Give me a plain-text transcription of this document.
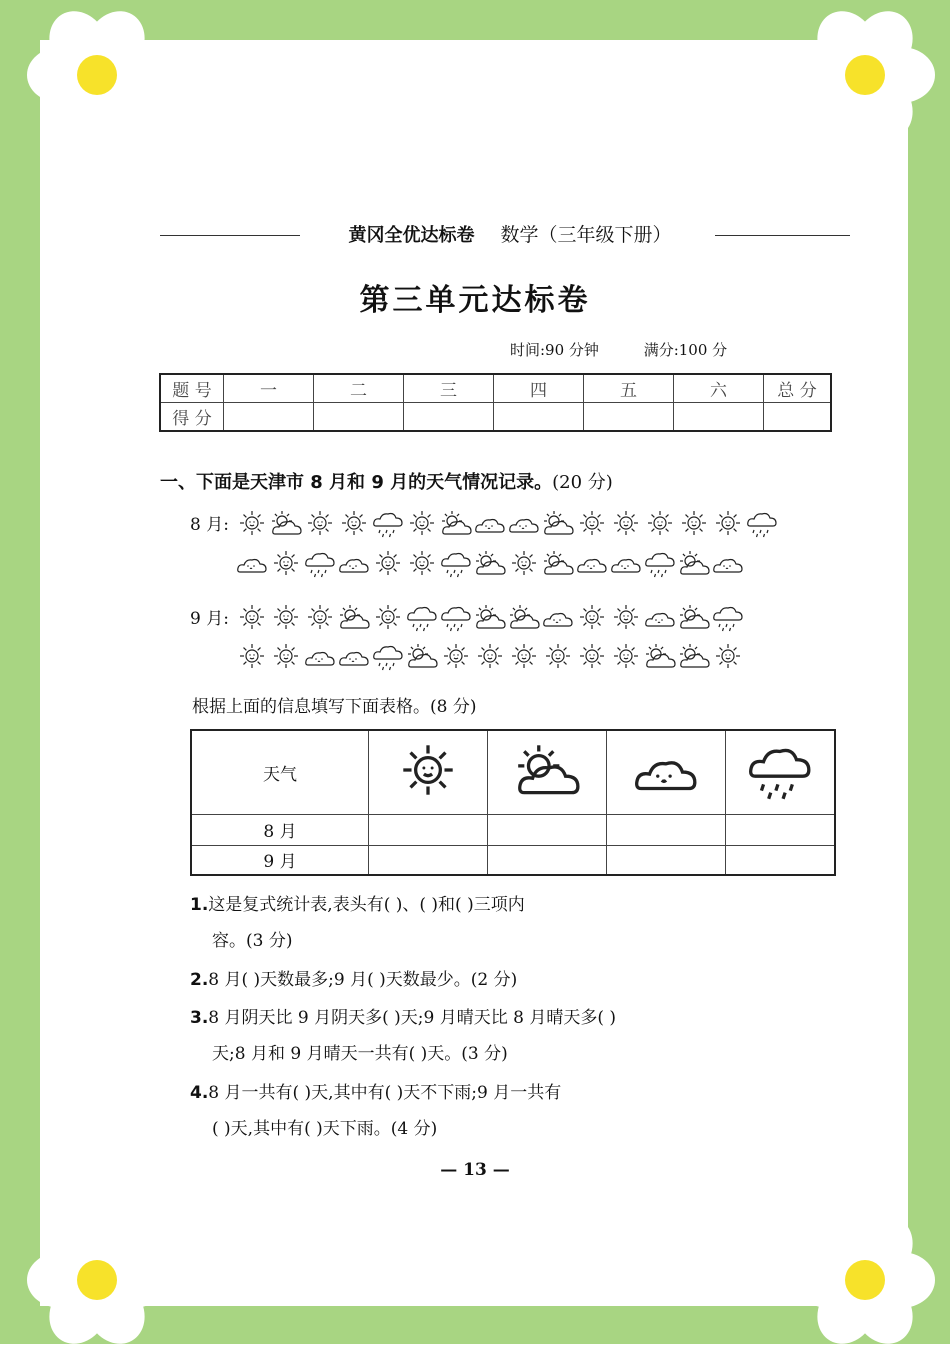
黄冈全优达标卷 数学（三年级下册）
第三单元达标卷
时间:90 分钟	满分:100 分
题 号	一	二	三	四	五	六	总 分
得 分							
一、下面是天津市 8 月和 9 月的天气情况记录。(20 分)
8 月:
9 月:
根据上面的信息填写下面表格。(8 分)
天气				
8 月				
9 月				
1.这是复式统计表,表头有( )、( )和( )三项内
容。(3 分)
2.8 月( )天数最多;9 月( )天数最少。(2 分)
3.8 月阴天比 9 月阴天多( )天;9 月晴天比 8 月晴天多( )
天;8 月和 9 月晴天一共有( )天。(3 分)
4.8 月一共有( )天,其中有( )天不下雨;9 月一共有
( )天,其中有( )天下雨。(4 分)
— 13 —
